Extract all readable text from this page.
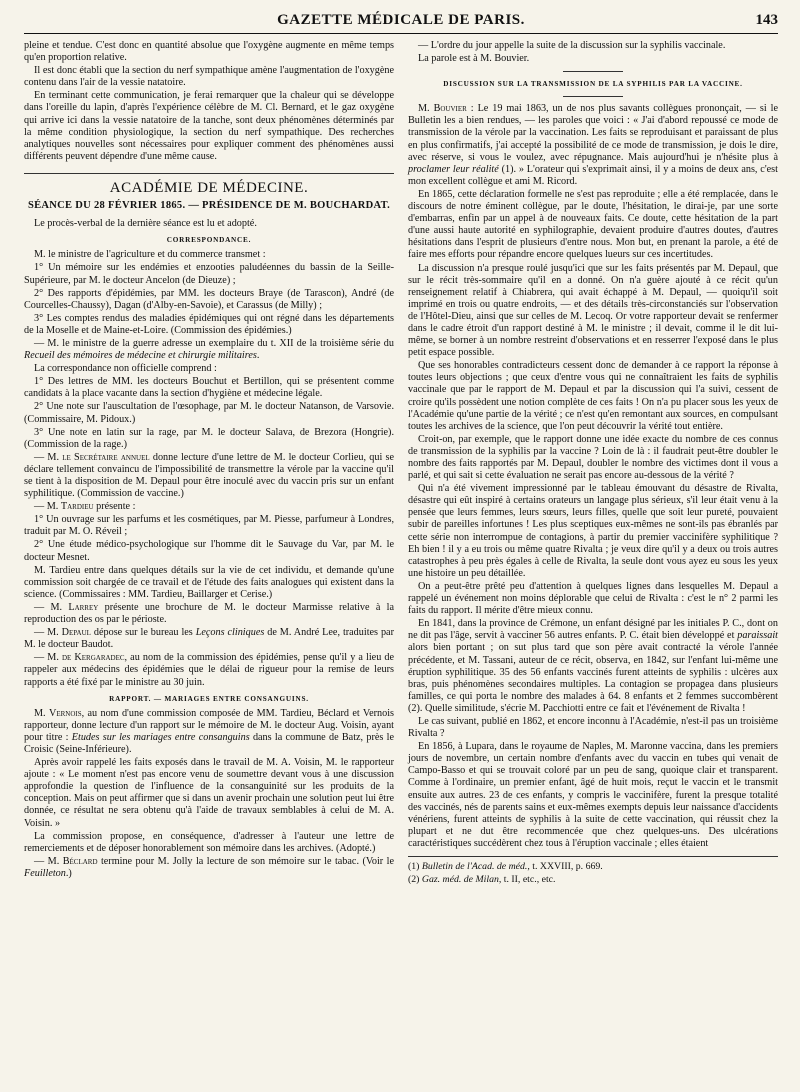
GAZETTE MÉDICALE DE PARIS.	143

pleine et tendue. C'est donc en quantité absolue que l'oxygène augmente en même temps qu'en proportion relative.

Il est donc établi que la section du nerf sympathique amène l'augmentation de l'oxygène contenu dans l'air de la vessie natatoire.

En terminant cette communication, je ferai remarquer que la chaleur qui se développe dans l'oreille du lapin, d'après l'expérience célèbre de M. Cl. Bernard, et le gaz oxygène qui arrive ici dans la vessie natatoire de la tanche, sont deux phénomènes déterminés par la même condition physiologique, la section du nerf sympathique. Des recherches analytiques nouvelles sont nécessaires pour expliquer comment des phénomènes aussi différents peuvent dépendre d'une même cause.

ACADÉMIE DE MÉDECINE.
SÉANCE DU 28 FÉVRIER 1865. — PRÉSIDENCE DE M. BOUCHARDAT.

Le procès-verbal de la dernière séance est lu et adopté.

CORRESPONDANCE.

M. le ministre de l'agriculture et du commerce transmet :

1° Un mémoire sur les endémies et enzooties paludéennes du bassin de la Seille-Supérieure, par M. le docteur Ancelon (de Dieuze) ;

2° Des rapports d'épidémies, par MM. les docteurs Braye (de Tarascon), André (de Courcelles-Chaussy), Dagan (d'Alby-en-Savoie), et Carassus (de Milly) ;

3° Les comptes rendus des maladies épidémiques qui ont régné dans les départements de la Moselle et de Maine-et-Loire. (Commission des épidémies.)

— M. le ministre de la guerre adresse un exemplaire du t. XII de la troisième série du Recueil des mémoires de médecine et chirurgie militaires.

La correspondance non officielle comprend :

1° Des lettres de MM. les docteurs Bouchut et Bertillon, qui se présentent comme candidats à la place vacante dans la section d'hygiène et médecine légale.

2° Une note sur l'auscultation de l'œsophage, par M. le docteur Natanson, de Varsovie. (Commissaire, M. Pidoux.)

3° Une note en latin sur la rage, par M. le docteur Salava, de Brezora (Hongrie). (Commission de la rage.)

— M. le Secrétaire annuel donne lecture d'une lettre de M. le docteur Corlieu, qui se déclare tellement convaincu de l'impossibilité de transmettre la vérole par la vaccine qu'il se tient à la disposition de M. Depaul pour être inoculé avec du vaccin pris sur un enfant syphilitique. (Commission de vaccine.)

— M. Tardieu présente :

1° Un ouvrage sur les parfums et les cosmétiques, par M. Piesse, parfumeur à Londres, traduit par M. O. Réveil ;

2° Une étude médico-psychologique sur l'homme dit le Sauvage du Var, par M. le docteur Mesnet.

M. Tardieu entre dans quelques détails sur la vie de cet individu, et demande qu'une commission soit chargée de ce travail et de l'étude des faits analogues qui existent dans la science. (Commissaires : MM. Tardieu, Baillarger et Cerise.)

— M. Larrey présente une brochure de M. le docteur Marmisse relative à la reproduction des os par le périoste.

— M. Depaul dépose sur le bureau les Leçons cliniques de M. André Lee, traduites par M. le docteur Baudot.

— M. de Kergaradec, au nom de la commission des épidémies, pense qu'il y a lieu de rappeler aux médecins des épidémies que le délai de rigueur pour la remise de leurs rapports a été fixé par le ministre au 30 juin.

RAPPORT. — MARIAGES ENTRE CONSANGUINS.

M. Vernois, au nom d'une commission composée de MM. Tardieu, Béclard et Vernois rapporteur, donne lecture d'un rapport sur le mémoire de M. le docteur Aug. Voisin, ayant pour titre : Etudes sur les mariages entre consanguins dans la commune de Batz, près le Croisic (Seine-Inférieure).

Après avoir rappelé les faits exposés dans le travail de M. A. Voisin, M. le rapporteur ajoute : « Le moment n'est pas encore venu de soumettre devant vous à une discussion approfondie la question de l'influence de la consanguinité sur les produits de la conception. Mais on peut affirmer que si dans un avenir prochain une solution peut lui être donnée, ce résultat ne sera obtenu qu'à l'aide de travaux semblables à celui de M. A. Voisin. »

La commission propose, en conséquence, d'adresser à l'auteur une lettre de remerciements et de déposer honorablement son mémoire dans les archives. (Adopté.)

— M. Béclard termine pour M. Jolly la lecture de son mémoire sur le tabac. (Voir le Feuilleton.)

— L'ordre du jour appelle la suite de la discussion sur la syphilis vaccinale.

La parole est à M. Bouvier.

DISCUSSION SUR LA TRANSMISSION DE LA SYPHILIS PAR LA VACCINE.

M. Bouvier : Le 19 mai 1863, un de nos plus savants collègues prononçait, — si le Bulletin les a bien rendues, — les paroles que voici : « J'ai d'abord repoussé ce mode de transmission de la vérole par la vaccination. Les faits se reproduisant et paraissant de plus en plus confirmatifs, j'ai accepté la possibilité de ce mode de transmission, je dois le dire, avec réserve, si vous le voulez, avec répugnance. Mais aujourd'hui je n'hésite plus à proclamer leur réalité (1). » L'orateur qui s'exprimait ainsi, il y a moins de deux ans, c'est mon excellent collègue et ami M. Ricord.

En 1865, cette déclaration formelle ne s'est pas reproduite ; elle a été remplacée, dans le discours de notre éminent collègue, par le doute, l'hésitation, le dirai-je, par une sorte d'embarras, enfin par un appel à de nouveaux faits. Ce doute, cette hésitation de la part d'une aussi haute autorité en syphilographie, devaient produire d'autres doutes, d'autres hésitations dans l'esprit de plusieurs d'entre nous. Mon but, en prenant la parole, a été de faire mes efforts pour répandre encore quelques lueurs sur ces incertitudes.

La discussion n'a presque roulé jusqu'ici que sur les faits présentés par M. Depaul, que sur le récit très-sommaire qu'il en a donné. On n'a guère ajouté à ce récit qu'un renseignement relatif à Chiabrera, qui avait échappé à M. Depaul, — quoiqu'il soit imprimé en trois ou quatre endroits, — et des détails très-circonstanciés sur l'observation de l'Hôtel-Dieu, ainsi que sur celles de M. Lecoq. Or votre rapporteur devait se renfermer dans le cadre étroit d'un rapport destiné à M. le ministre ; il devait, comme il le dit lui-même, se borner à un nombre restreint d'observations et en resserrer l'exposé dans le plus petit espace possible.

Que ses honorables contradicteurs cessent donc de demander à ce rapport la réponse à toutes leurs objections ; que ceux d'entre vous qui ne connaîtraient les faits de syphilis vaccinale que par le rapport de M. Depaul et par la discussion qui l'a suivi, cessent de croire qu'ils possèdent une notion complète de ces faits ! On n'a pu placer sous les yeux de l'Académie qu'une partie de la vérité ; ce n'est qu'en remontant aux sources, en compulsant toutes les archives de la science, que l'on peut découvrir la vérité tout entière.

Croit-on, par exemple, que le rapport donne une idée exacte du nombre de ces connus de transmission de la syphilis par la vaccine ? Loin de là : il faudrait peut-être doubler le nombre des faits rapportés par M. Depaul, doubler le nombre des victimes dont il vous a parlé, et qui sait si cette évaluation ne serait pas encore au-dessous de la vérité ?

Qui n'a été vivement impressionné par le tableau émouvant du désastre de Rivalta, désastre qui eût inspiré à certains orateurs un langage plus sérieux, s'il leur était venu à la pensée que leurs femmes, leurs sœurs, leurs filles, quelle que soit leur pureté, pouvaient subir de pareilles infortunes ! Les plus sceptiques eux-mêmes ne sont-ils pas ébranlés par cette série non interrompue de contagions, à partir du premier vaccinifère syphilitique ? Eh bien ! il y a eu trois ou même quatre Rivalta ; je veux dire qu'il y a deux ou trois autres catastrophes à peu près égales à celle de Rivalta, la seule dont vous ayez eu sous les yeux une histoire un peu détaillée.

On a peut-être prêté peu d'attention à quelques lignes dans lesquelles M. Depaul a rappelé un événement non moins déplorable que celui de Rivalta : c'est le n° 2 parmi les faits du rapport. Il mérite d'être mieux connu.

En 1841, dans la province de Crémone, un enfant désigné par les initiales P. C., dont on ne dit pas l'âge, servit à vacciner 56 autres enfants. P. C. était bien développé et paraissait alors bien portant ; on sut plus tard que son père avait contracté la vérole l'année précédente, et M. Tassani, auteur de ce récit, observa, en 1842, sur l'enfant lui-même une éruption syphilitique. 35 des 56 enfants vaccinés furent atteints de syphilis : ulcères aux bras, puis phénomènes secondaires multiples. La contagion se propagea dans plusieurs familles, ce qui porta le nombre des malades à 64. 8 enfants et 2 femmes succombèrent (2). Quelle similitude, s'écrie M. Pacchiotti entre ce fait et l'événement de Rivalta !

Le cas suivant, publié en 1862, et encore inconnu à l'Académie, n'est-il pas un troisième Rivalta ?

En 1856, à Lupara, dans le royaume de Naples, M. Maronne vaccina, dans les premiers jours de novembre, un certain nombre d'enfants avec du vaccin en tubes qui venait de Campo-Basso et qui se trouvait coloré par un peu de sang, quoique clair et transparent. Comme à l'ordinaire, un premier enfant, âgé de huit mois, reçut le vaccin et le transmit ensuite aux autres. 23 de ces enfants, y compris le vaccinifère, furent la presque totalité des vaccinés, nés de parents sains et eux-mêmes exempts depuis leur naissance d'accidents vénériens, furent atteints de syphilis à la suite de cette vaccination, qui réussit chez la plupart et ne dut être recommencée que chez quelques-uns. Des ulcérations caractéristiques succédèrent chez tous à l'éruption vaccinale ; elles étaient

(1) Bulletin de l'Acad. de méd., t. XXVIII, p. 669.

(2) Gaz. méd. de Milan, t. II, etc., etc.
